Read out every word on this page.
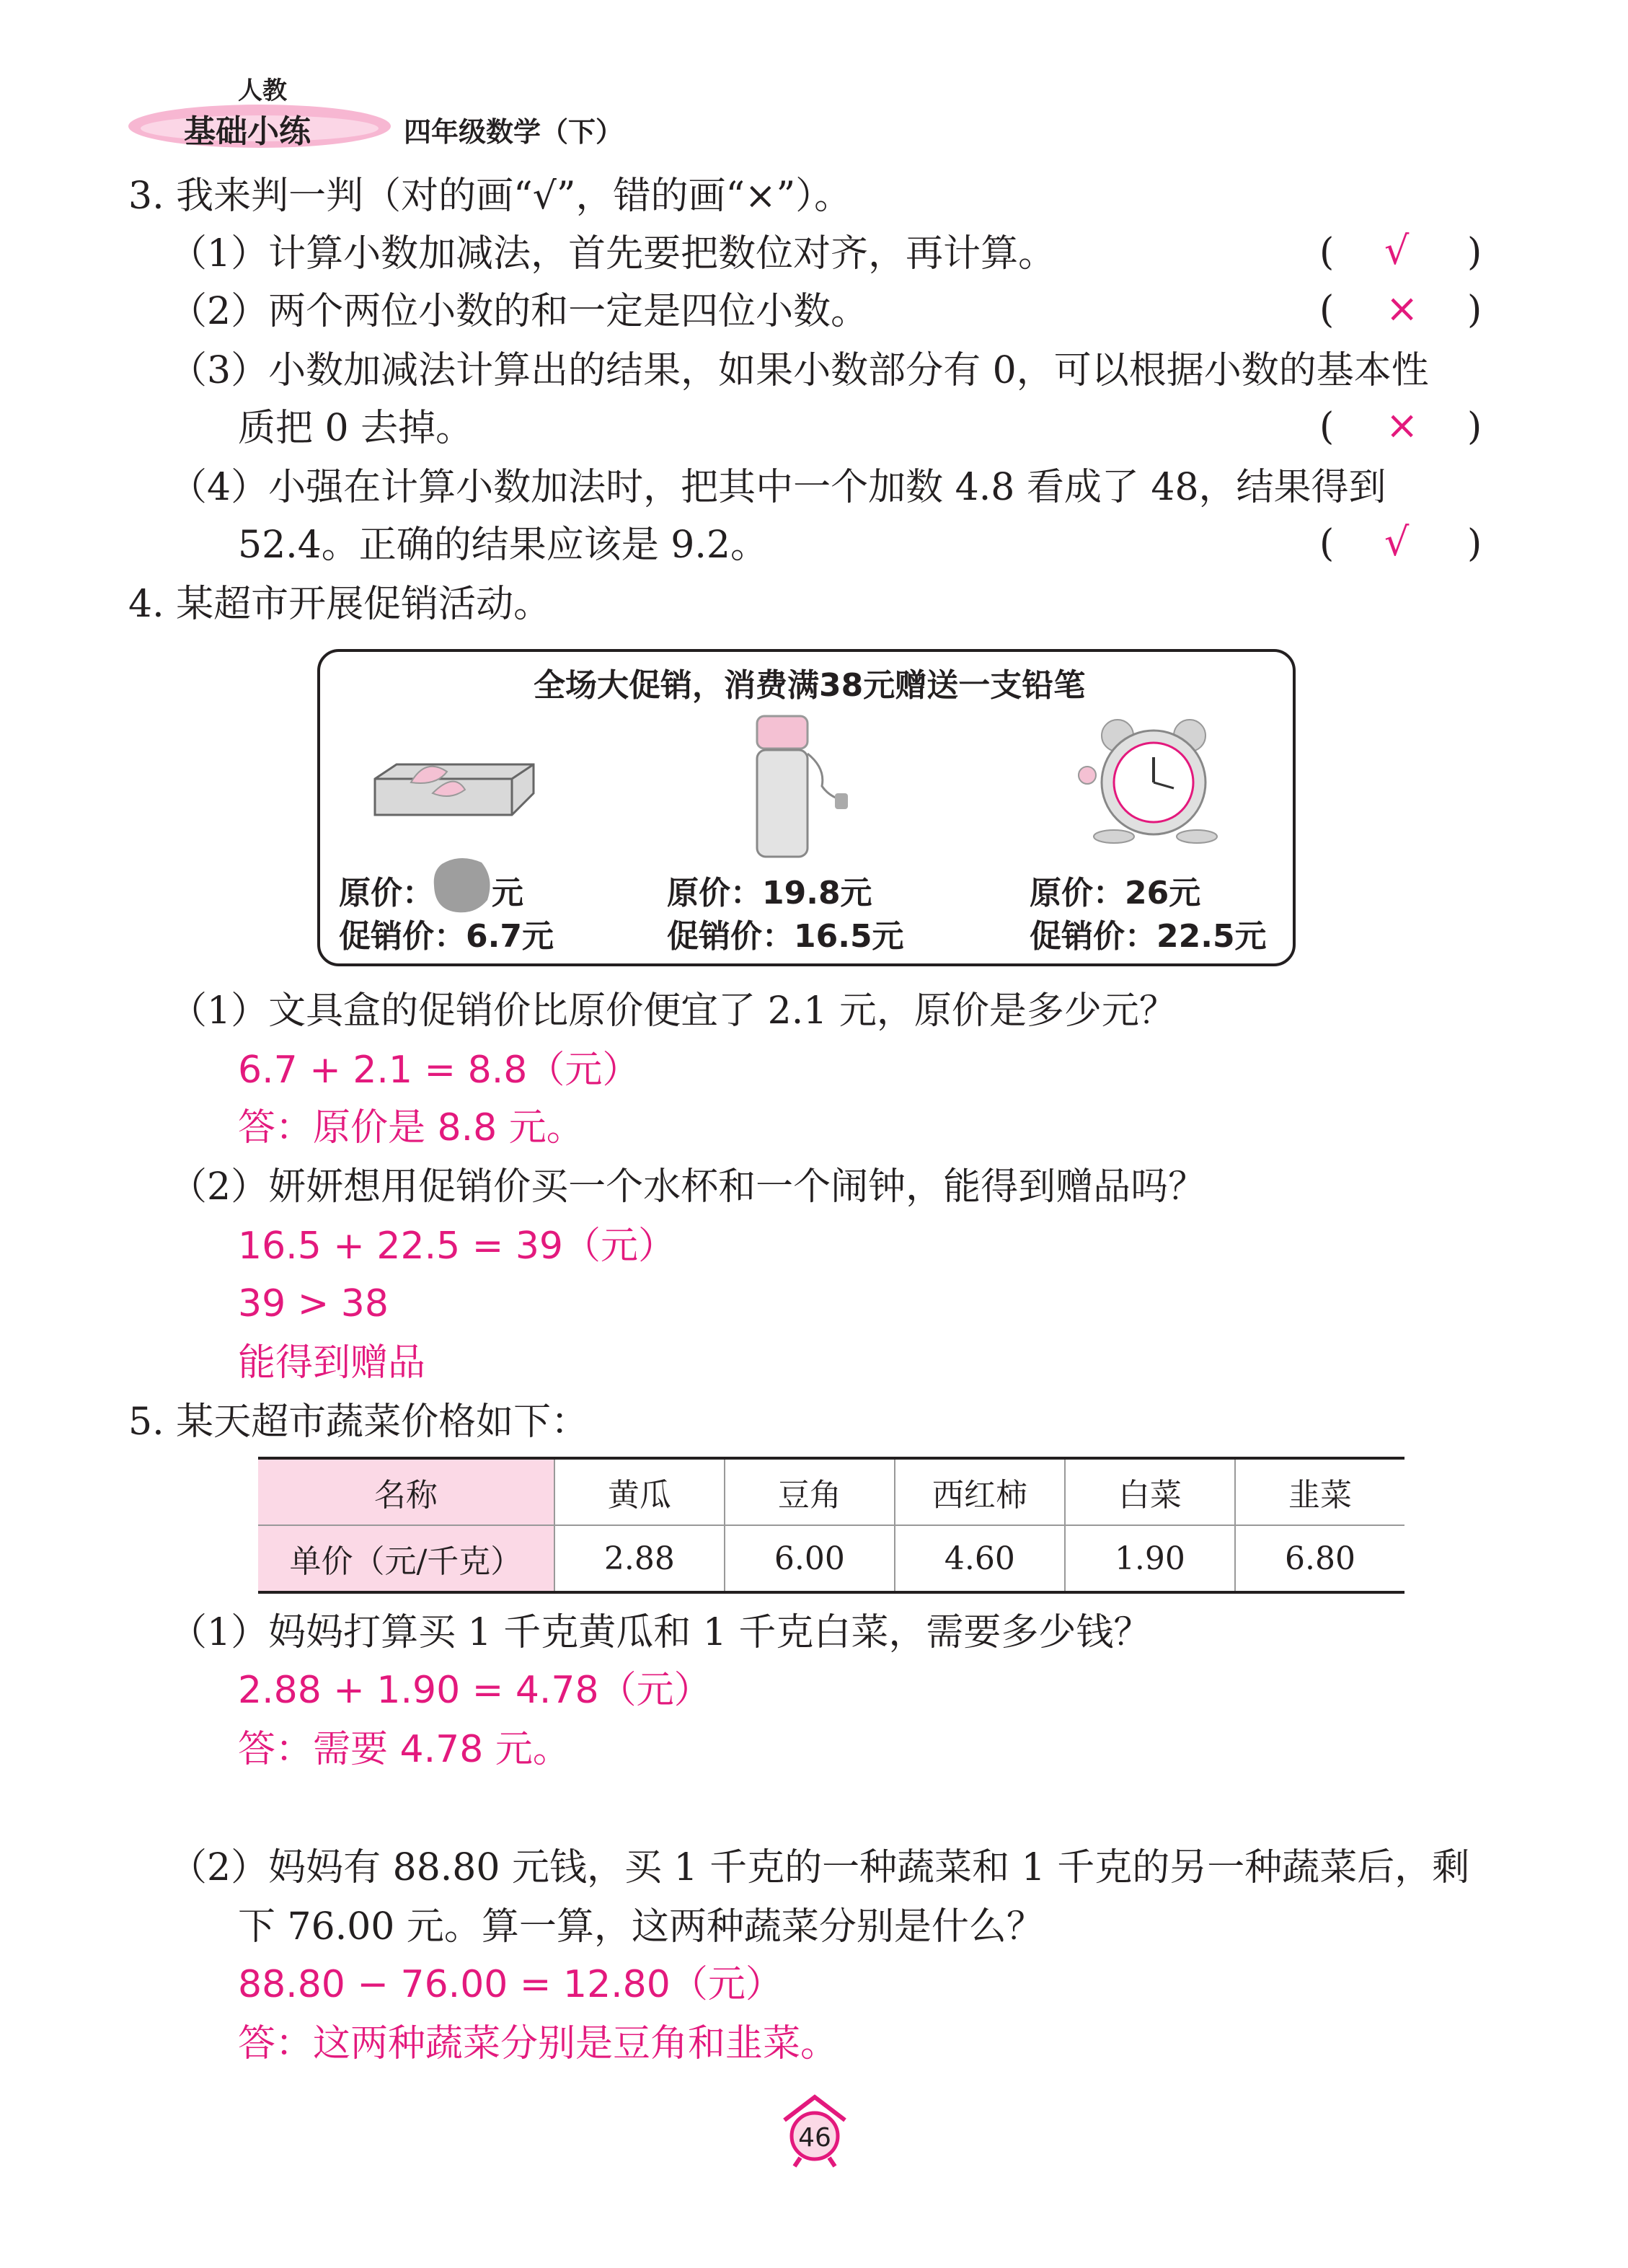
人教
基础小练	四年级数学（下）
3. 我来判一判（对的画“√”，错的画“×”）。
（1）计算小数加减法，首先要把数位对齐，再计算。	( √ )
（2）两个两位小数的和一定是四位小数。	( × )
（3）小数加减法计算出的结果，如果小数部分有 0，可以根据小数的基本性
质把 0 去掉。	( × )
（4）小强在计算小数加法时，把其中一个加数 4.8 看成了 48，结果得到
52.4。正确的结果应该是 9.2。	( √ )
4. 某超市开展促销活动。
全场大促销，消费满38元赠送一支铅笔
原价： 元
促销价：6.7元
原价：19.8元
促销价：16.5元
原价：26元
促销价：22.5元
（1）文具盒的促销价比原价便宜了 2.1 元，原价是多少元？
6.7 + 2.1 = 8.8（元）
答：原价是 8.8 元。
（2）妍妍想用促销价买一个水杯和一个闹钟，能得到赠品吗？
16.5 + 22.5 = 39（元）
39 > 38
能得到赠品
5. 某天超市蔬菜价格如下：
名称	黄瓜	豆角	西红柿	白菜	韭菜
单价（元/千克）	2.88	6.00	4.60	1.90	6.80
（1）妈妈打算买 1 千克黄瓜和 1 千克白菜，需要多少钱？
2.88 + 1.90 = 4.78（元）
答：需要 4.78 元。
（2）妈妈有 88.80 元钱，买 1 千克的一种蔬菜和 1 千克的另一种蔬菜后，剩
下 76.00 元。算一算，这两种蔬菜分别是什么？
88.80 − 76.00 = 12.80（元）
答：这两种蔬菜分别是豆角和韭菜。
46
